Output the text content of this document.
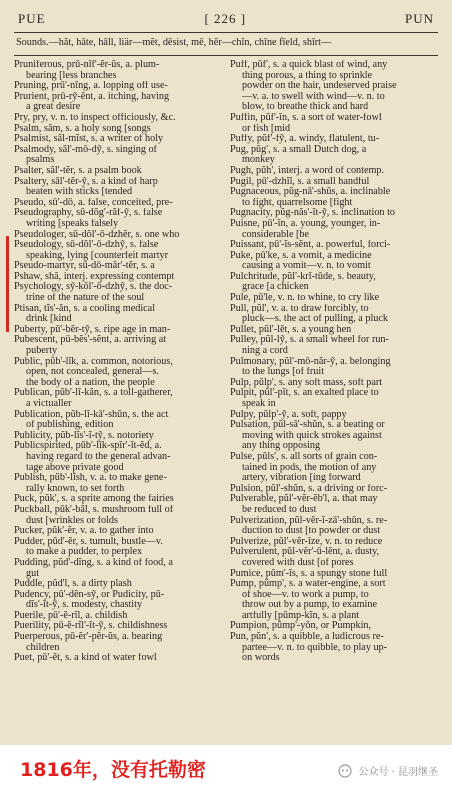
PUE	[ 226 ]	PUN
Sounds.—hăt, hāte, hâll, liär—mĕt, dēsist, mē, hĕr—chĭn, chīne fīeld, shīrt—
Pruniferous, prū-nĭf'-ĕr-ŭs, a. plum-
bearing [less branches
Pruning, prū'-nĭng, a. lopping off use-
Prurient, prū-rỹ-ĕnt, a. itching, having
a great desire
Pry, pry, v. n. to inspect officiously, &c.
Psalm, sâm, s. a holy song [songs
Psalmist, sâl-mĭst, s. a writer of holy
Psalmody, săl'-mō-dỹ, s. singing of
psalms
Psalter, sâl'-tĕr, s. a psalm book
Psaltery, sâl'-tĕr-ỹ, s. a kind of harp
beaten with sticks [tended
Pseudo, sū'-dō, a. false, conceited, pre-
Pseudography, sū-dŏg'-răf-ỹ, s. false
writing [speaks falsely
Pseudologer, sū-dŏl'-ō-dzhĕr, s. one who
Pseudology, sū-dŏl'-ō-dzhỹ, s. false
speaking, lying [counterfeit martyr
Pseudo-martyr, sū-dō-măr'-tĕr, s. a
Pshaw, shâ, interj. expressing contempt
Psychology, sỹ-kŏl'-ō-dzhỹ, s. the doc-
trine of the nature of the soul
Ptisan, tĭs'-ăn, s. a cooling medical
drink [kind
Puberty, pū'-bĕr-tỹ, s. ripe age in man-
Pubescent, pū-bĕs'-sĕnt, a. arriving at
puberty
Public, pŭb'-lĭk, a. common, notorious,
open, not concealed, general—s.
the body of a nation, the people
Publican, pŭb'-lĭ-kăn, s. a toll-gatherer,
a victualler
Publication, pŭb-lĭ-kā'-shŭn, s. the act
of publishing, edition
Publicity, pŭb-lĭs'-ĭ-tỹ, s. notoriety
Publicspirited, pŭb'-lĭk-spĭr'-ĭt-ĕd, a.
having regard to the general advan-
tage above private good
Publish, pŭb'-lĭsh, v. a. to make gene-
rally known, to set forth
Puck, pŭk', s. a sprite among the fairies
Puckball, pŭk'-bâl, s. mushroom full of
dust [wrinkles or folds
Pucker, pŭk'-ĕr, v. a. to gather into
Pudder, pŭd'-ĕr, s. tumult, bustle—v.
to make a pudder, to perplex
Pudding, pŭd'-dĭng, s. a kind of food, a
gut
Puddle, pŭd'l, s. a dirty plash
Pudency, pū'-dĕn-sỹ, or Pudicity, pū-
dĭs'-ĭt-ỹ, s. modesty, chastity
Puerile, pū'-ĕ-rĭl, a. childish
Puerility, pū-ĕ-rĭl'-ĭt-ỹ, s. childishness
Puerperous, pū-ĕr'-pĕr-ŭs, a. bearing
children
Puet, pū'-ĕt, s. a kind of water fowl
Puff, pŭf', s. a quick blast of wind, any
thing porous, a thing to sprinkle
powder on the hair, undeserved praise
—v. a. to swell with wind—v. n. to
blow, to breathe thick and hard
Puffin, pŭf'-ĭn, s. a sort of water-fowl
or fish [mid
Puffy, pŭf'-fỹ, a. windy, flatulent, tu-
Pug, pŭg', s. a small Dutch dog, a
monkey
Pugh, pŭh', interj. a word of contemp.
Pugil, pū'-dzhĭl, s. a small handful
Pugnaceous, pŭg-nā'-shŭs, a. inclinable
to fight, quarrelsome [fight
Pugnacity, pŭg-năs'-ĭt-ỹ, s. inclination to
Puisne, pū'-ĭn, a. young, younger, in-
considerable [be
Puissant, pū'-ĭs-sĕnt, a. powerful, forci-
Puke, pū'ke, s. a vomit, a medicine
causing a vomit—v. n. to vomit
Pulchritude, pŭl'-krĭ-tūde, s. beauty,
grace [a chicken
Pule, pū'le, v. n. to whine, to cry like
Pull, pŭl', v. a. to draw forcibly, to
pluck—s. the act of pulling, a pluck
Pullet, pŭl'-lĕt, s. a young hen
Pulley, pŭl-lỹ, s. a small wheel for run-
ning a cord
Pulmonary, pŭl'-mō-năr-ỹ, a. belonging
to the lungs [of fruit
Pulp, pŭlp', s. any soft mass, soft part
Pulpit, pŭl'-pĭt, s. an exalted place to
speak in
Pulpy, pŭlp'-ỹ, a. soft, pappy
Pulsation, pŭl-sā'-shŭn, s. a beating or
moving with quick strokes against
any thing opposing
Pulse, pŭls', s. all sorts of grain con-
tained in pods, the motion of any
artery, vibration [ing forward
Pulsion, pŭl'-shŭn, s. a driving or forc-
Pulverable, pŭl'-vĕr-ĕb'l, a. that may
be reduced to dust
Pulverization, pŭl-vĕr-ĭ-zā'-shŭn, s. re-
duction to dust [to powder or dust
Pulverize, pŭl'-vĕr-īze, v. n. to reduce
Pulverulent, pŭl-vĕr'-ū-lĕnt, a. dusty,
covered with dust [of pores
Pumice, pŭm'-ĭs, s. a spungy stone full
Pump, pŭmp', s. a water-engine, a sort
of shoe—v. to work a pump, to
throw out by a pump, to examine
artfully [pŭmp-kĭn, s. a plant
Pumpion, pŭmp'-yŏn, or Pumpkin,
Pun, pŭn', s. a quibble, a ludicrous re-
partee—v. n. to quibble, to play up-
on words
1816年，没有托勒密	公众号 · 昆羽继圣
